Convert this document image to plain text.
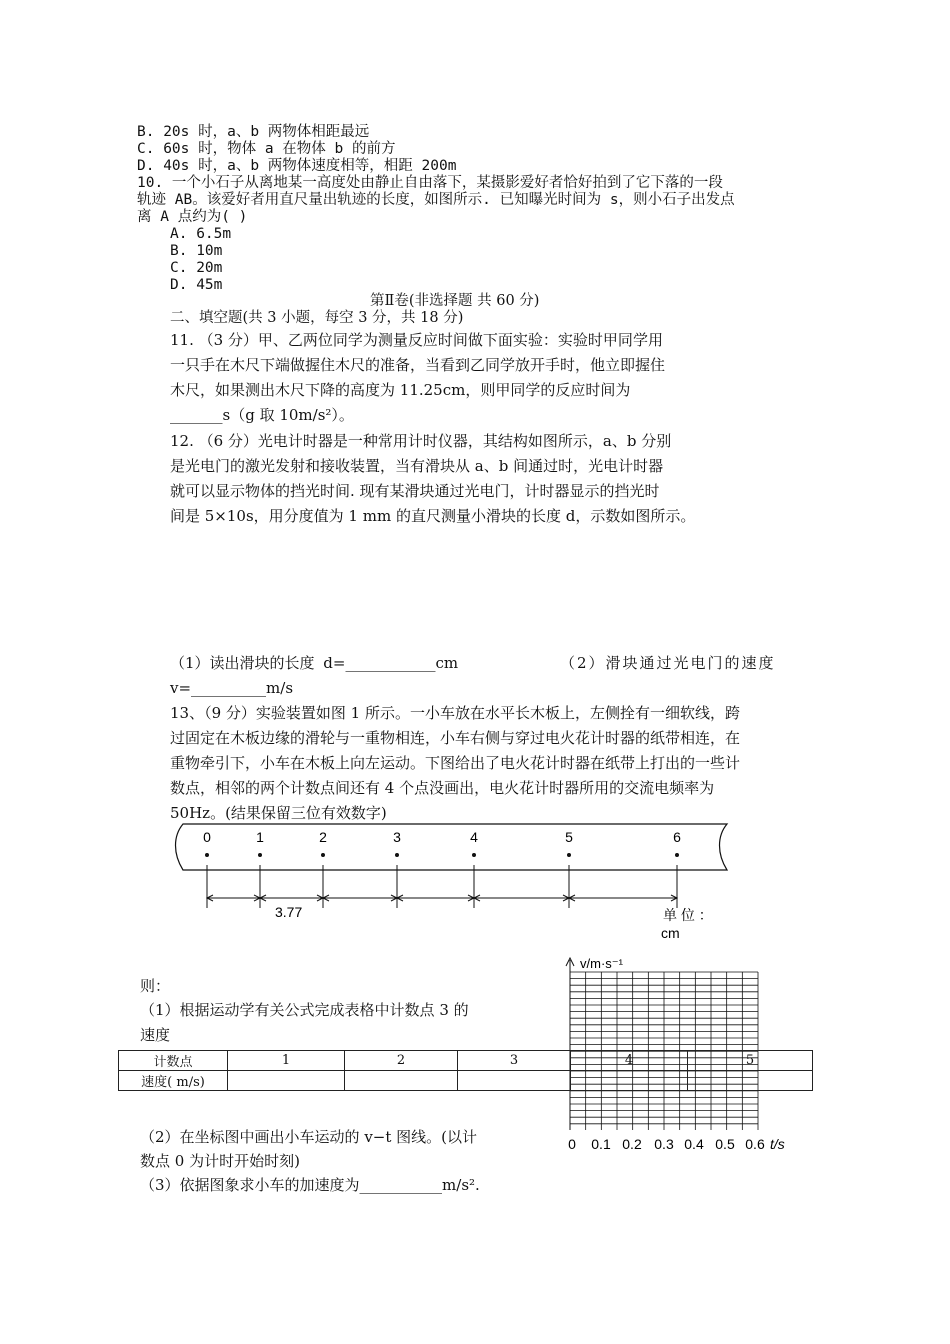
B. 20s 时，a、b 两物体相距最远
C. 60s 时，物体 a 在物体 b 的前方
D. 40s 时，a、b 两物体速度相等，相距 200m
10. 一个小石子从离地某一高度处由静止自由落下，某摄影爱好者恰好拍到了它下落的一段
轨迹 AB。该爱好者用直尺量出轨迹的长度，如图所示. 已知曝光时间为 s，则小石子出发点
离 A 点约为( )
A. 6.5m
B. 10m
C. 20m
D. 45m
第Ⅱ卷(非选择题 共 60 分)
二、填空题(共 3 小题，每空 3 分，共 18 分)
11. （3 分）甲、乙两位同学为测量反应时间做下面实验：实验时甲同学用
一只手在木尺下端做握住木尺的准备，当看到乙同学放开手时，他立即握住
木尺，如果测出木尺下降的高度为 11.25cm，则甲同学的反应时间为
_______s（g 取 10m/s²）。
12. （6 分）光电计时器是一种常用计时仪器，其结构如图所示，a、b 分别
是光电门的激光发射和接收装置，当有滑块从 a、b 间通过时，光电计时器
就可以显示物体的挡光时间. 现有某滑块通过光电门，计时器显示的挡光时
间是 5×10s，用分度值为 1 mm 的直尺测量小滑块的长度 d，示数如图所示。
（1）读出滑块的长度 d=____________cm	（2）滑块通过光电门的速度
v=__________m/s
13、（9 分）实验装置如图 1 所示。一小车放在水平长木板上，左侧拴有一细软线，跨
过固定在木板边缘的滑轮与一重物相连，小车右侧与穿过电火花计时器的纸带相连，在
重物牵引下，小车在木板上向左运动。下图给出了电火花计时器在纸带上打出的一些计
数点，相邻的两个计数点间还有 4 个点没画出，电火花计时器所用的交流电频率为
50Hz。(结果保留三位有效数字)
0	1	2	3	4	5	6
3.77	单 位 ：
cm
则：
（1）根据运动学有关公式完成表格中计数点 3 的
速度
v/m·s⁻¹
t/s
0 0.1 0.2 0.3 0.4 0.5 0.6
计数点	1	2	3	4	5
速度( m/s)					
（2）在坐标图中画出小车运动的 v−t 图线。(以计
数点 0 为计时开始时刻)
（3）依据图象求小车的加速度为___________m/s².
